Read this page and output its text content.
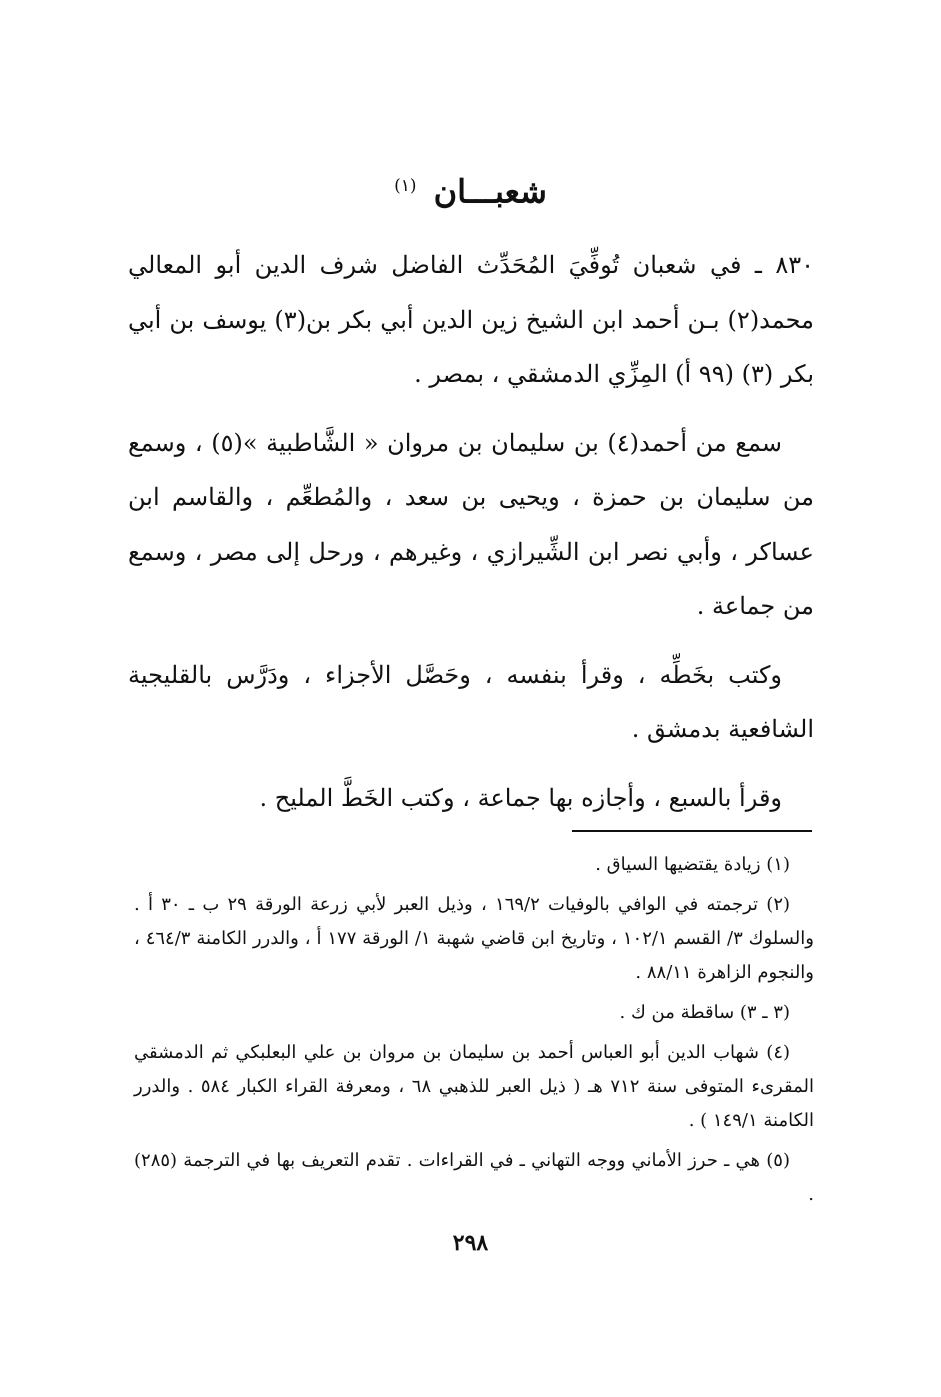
شعبـــان $^{(١)}$

٨٣٠ ـ في شعبان تُوفِّيَ المُحَدِّث الفاضل شرف الدين أبو المعالي محمد(٢) بـن أحمد ابن الشيخ زين الدين أبي بكر بن(٣) يوسف بن أبي بكر (٣) (٩٩ أ) المِزِّي الدمشقي ، بمصر .

سمع من أحمد(٤) بن سليمان بن مروان « الشَّاطبية »(٥) ، وسمع من سليمان بن حمزة ، ويحيى بن سعد ، والمُطعِّم ، والقاسم ابن عساكر ، وأبي نصر ابن الشِّيرازي ، وغيرهم ، ورحل إلى مصر ، وسمع من جماعة .

وكتب بخَطِّه ، وقرأ بنفسه ، وحَصَّل الأجزاء ، ودَرَّس بالقليجية الشافعية بدمشق .

وقرأ بالسبع ، وأجازه بها جماعة ، وكتب الخَطَّ المليح .

(١) زيادة يقتضيها السياق .

(٢) ترجمته في الوافي بالوفيات ١٦٩/٢ ، وذيل العبر لأبي زرعة الورقة ٢٩ ب ـ ٣٠ أ . والسلوك ٣/ القسم ١٠٢/١ ، وتاريخ ابن قاضي شهبة ١/ الورقة ١٧٧ أ ، والدرر الكامنة ٤٦٤/٣ ، والنجوم الزاهرة ٨٨/١١ .

(٣ ـ ٣) ساقطة من ك .

(٤) شهاب الدين أبو العباس أحمد بن سليمان بن مروان بن علي البعلبكي ثم الدمشقي المقرىء المتوفى سنة ٧١٢ هـ ( ذيل العبر للذهبي ٦٨ ، ومعرفة القراء الكبار ٥٨٤ . والدرر الكامنة ١٤٩/١ ) .

(٥) هي ـ حرز الأماني ووجه التهاني ـ في القراءات . تقدم التعريف بها في الترجمة (٢٨٥) .

٢٩٨
